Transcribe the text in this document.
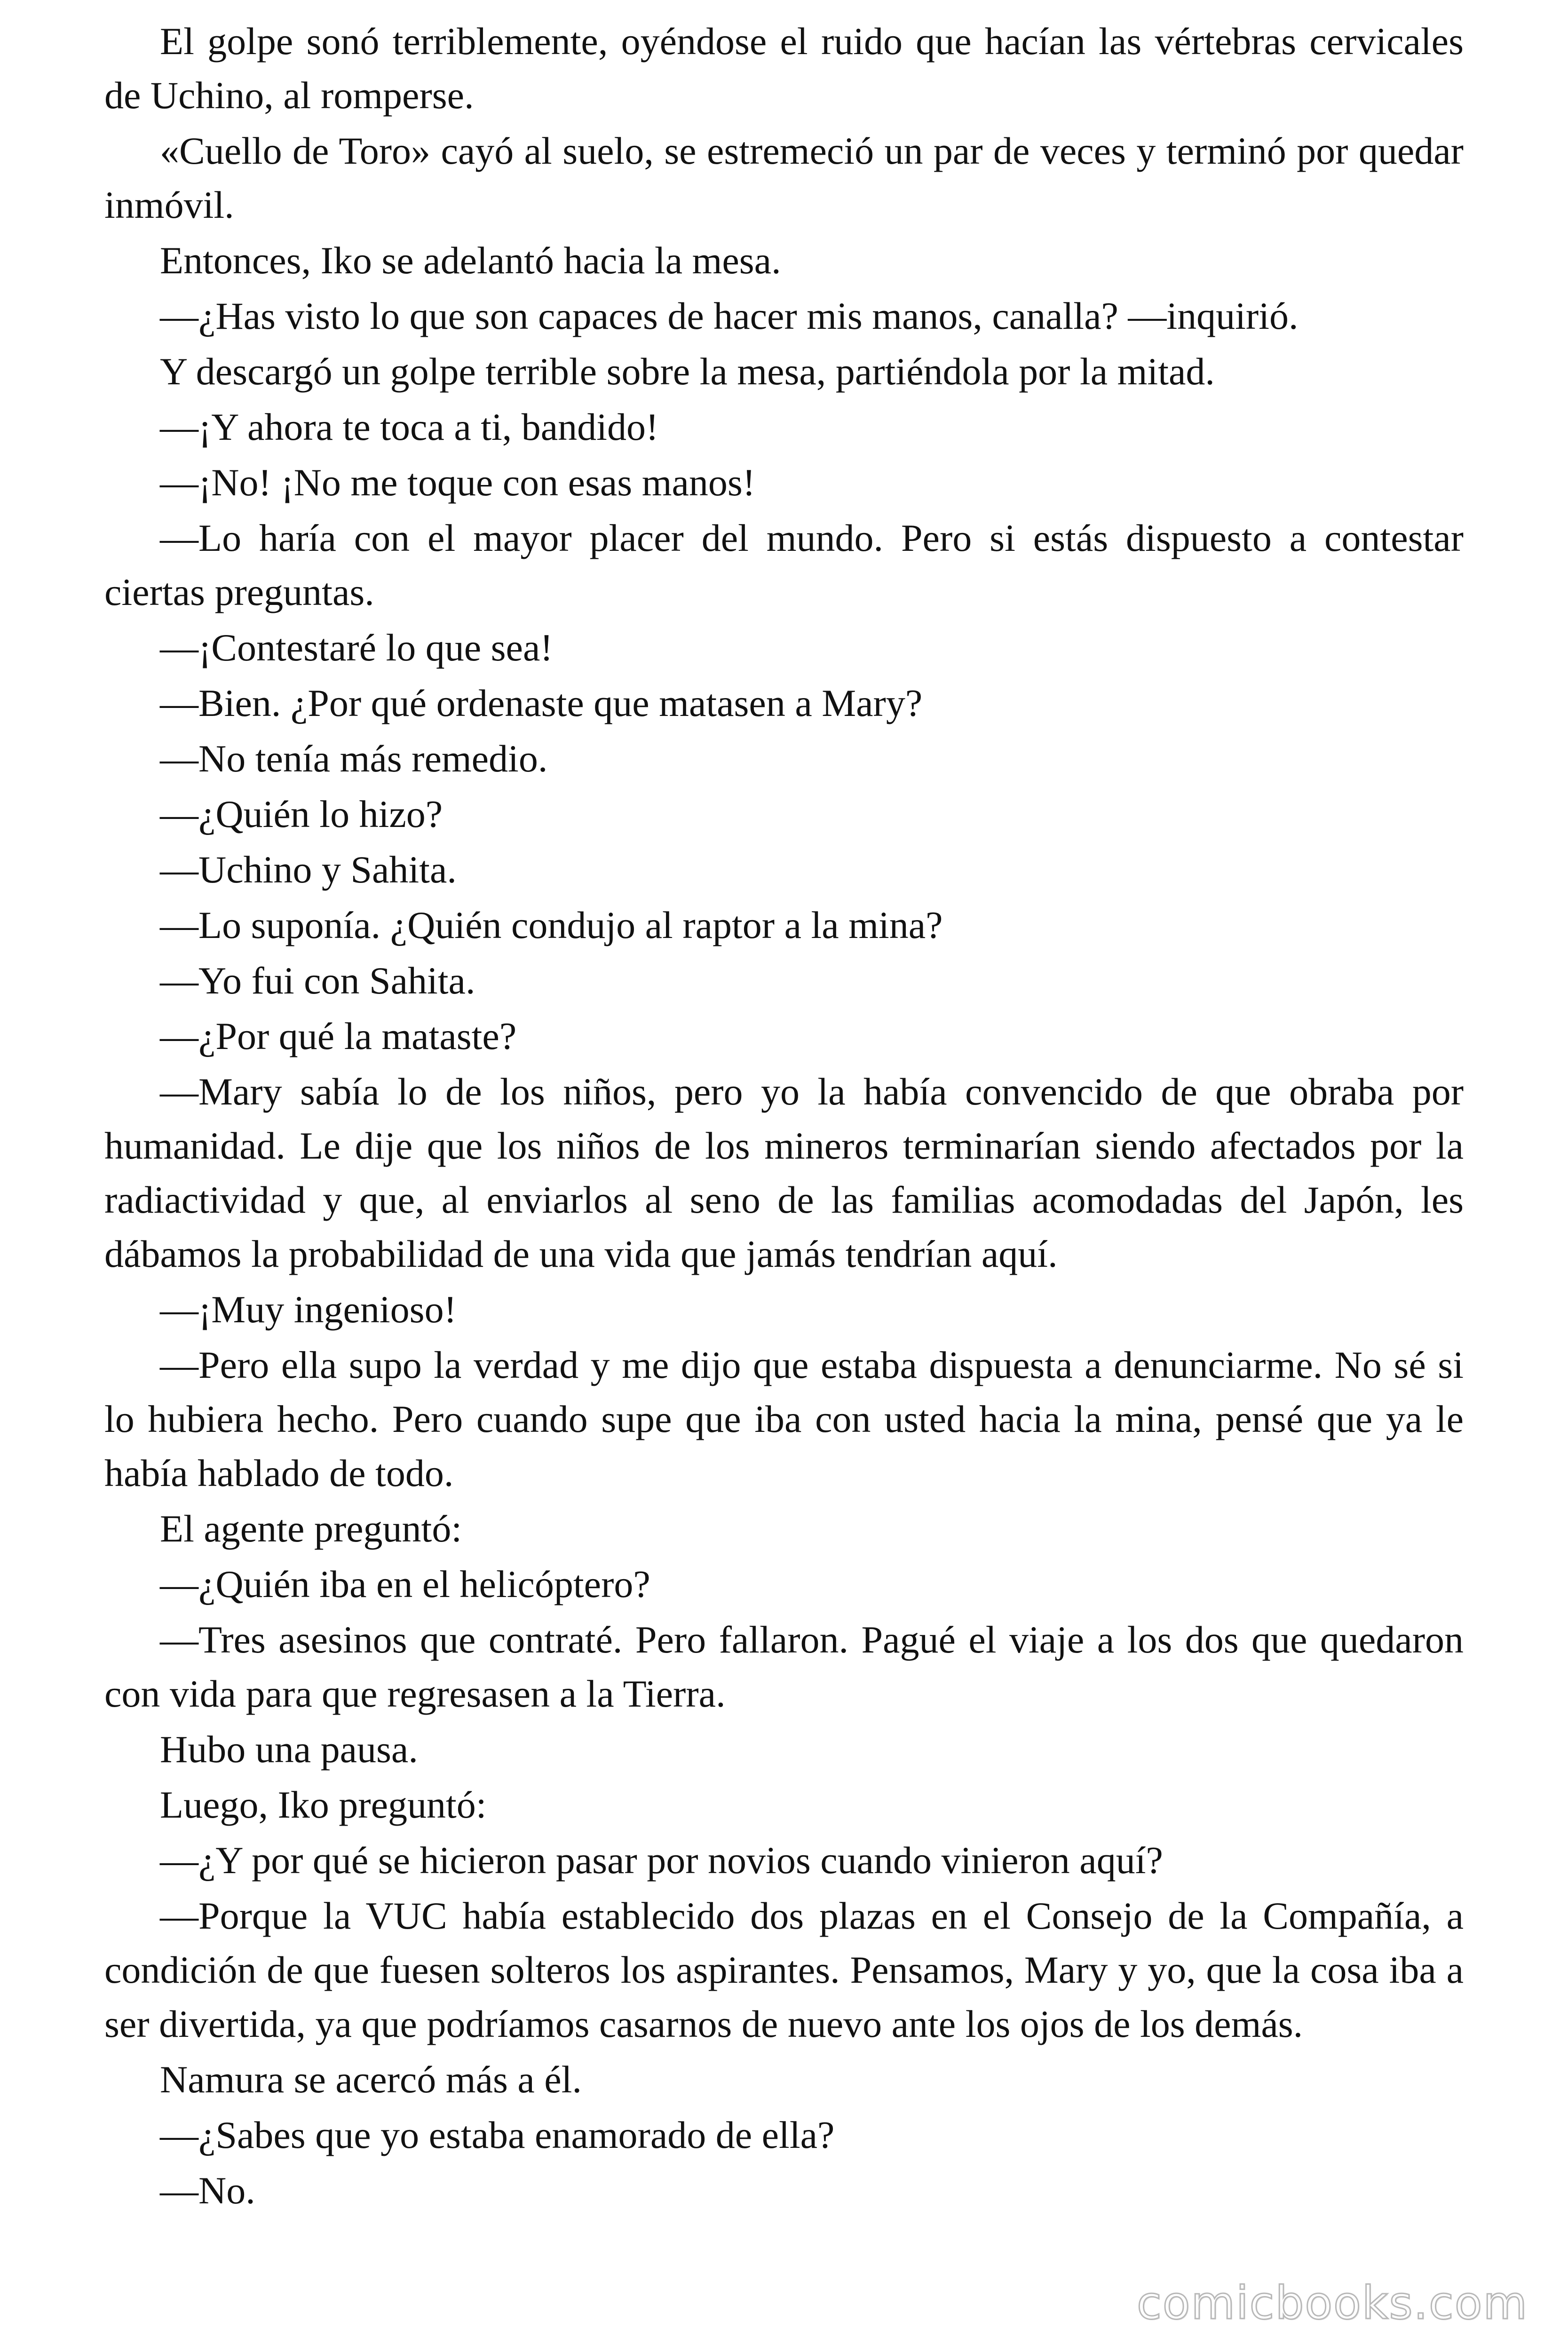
El golpe sonó terriblemente, oyéndose el ruido que hacían las vértebras cervicales de Uchino, al romperse.

«Cuello de Toro» cayó al suelo, se estremeció un par de veces y terminó por quedar inmóvil.

Entonces, Iko se adelantó hacia la mesa.

—¿Has visto lo que son capaces de hacer mis manos, canalla? —inquirió.

Y descargó un golpe terrible sobre la mesa, partiéndola por la mitad.

—¡Y ahora te toca a ti, bandido!

—¡No! ¡No me toque con esas manos!

—Lo haría con el mayor placer del mundo. Pero si estás dispuesto a contestar ciertas preguntas.

—¡Contestaré lo que sea!

—Bien. ¿Por qué ordenaste que matasen a Mary?

—No tenía más remedio.

—¿Quién lo hizo?

—Uchino y Sahita.

—Lo suponía. ¿Quién condujo al raptor a la mina?

—Yo fui con Sahita.

—¿Por qué la mataste?

—Mary sabía lo de los niños, pero yo la había convencido de que obraba por humanidad. Le dije que los niños de los mineros terminarían siendo afectados por la radiactividad y que, al enviarlos al seno de las familias acomodadas del Japón, les dábamos la probabilidad de una vida que jamás tendrían aquí.

—¡Muy ingenioso!

—Pero ella supo la verdad y me dijo que estaba dispuesta a denunciarme. No sé si lo hubiera hecho. Pero cuando supe que iba con usted hacia la mina, pensé que ya le había hablado de todo.

El agente preguntó:

—¿Quién iba en el helicóptero?

—Tres asesinos que contraté. Pero fallaron. Pagué el viaje a los dos que quedaron con vida para que regresasen a la Tierra.

Hubo una pausa.

Luego, Iko preguntó:

—¿Y por qué se hicieron pasar por novios cuando vinieron aquí?

—Porque la VUC había establecido dos plazas en el Consejo de la Compañía, a condición de que fuesen solteros los aspirantes. Pensamos, Mary y yo, que la cosa iba a ser divertida, ya que podríamos casarnos de nuevo ante los ojos de los demás.

Namura se acercó más a él.

—¿Sabes que yo estaba enamorado de ella?

—No.

comicbooks.com
